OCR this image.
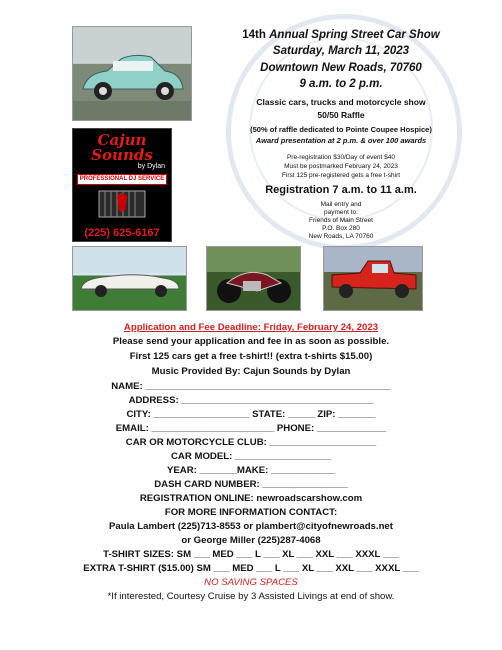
Cajun
Sounds
by Dylan
PROFESSIONAL DJ SERVICE
(225) 625-6167
14th Annual Spring Street Car Show
Saturday, March 11, 2023
Downtown New Roads, 70760
9 a.m. to 2 p.m.
Classic cars, trucks and motorcycle show
50/50 Raffle
(50% of raffle dedicated to Pointe Coupee Hospice)
Award presentation at 2 p.m. & over 100 awards
Pre-registration $30/Day of event $40
Must be postmarked February 24, 2023
First 125 pre-registered gets a free t-shirt
Registration 7 a.m. to 11 a.m.
Mail entry and
payment to:
Friends of Main Street
P.O. Box 280
New Roads, LA 70760
Application and Fee Deadline: Friday, February 24, 2023
Please send your application and fee in as soon as possible.
First 125 cars get a free t-shirt!! (extra t-shirts $15.00)
Music Provided By: Cajun Sounds by Dylan
NAME: ______________________________________________
ADDRESS: ____________________________________
CITY: __________________ STATE: _____ ZIP: _______
EMAIL: _______________________ PHONE: _____________
CAR OR MOTORCYCLE CLUB: ____________________
CAR MODEL: __________________
YEAR: _______MAKE: ____________
DASH CARD NUMBER: ________________
REGISTRATION ONLINE: newroadscarshow.com
FOR MORE INFORMATION CONTACT:
Paula Lambert (225)713-8553 or plambert@cityofnewroads.net
or George Miller (225)287-4068
T-SHIRT SIZES: SM ___ MED ___ L ___ XL ___ XXL ___ XXXL ___
EXTRA T-SHIRT ($15.00) SM ___ MED ___ L ___ XL ___ XXL ___ XXXL ___
NO SAVING SPACES
*If interested, Courtesy Cruise by 3 Assisted Livings at end of show.
